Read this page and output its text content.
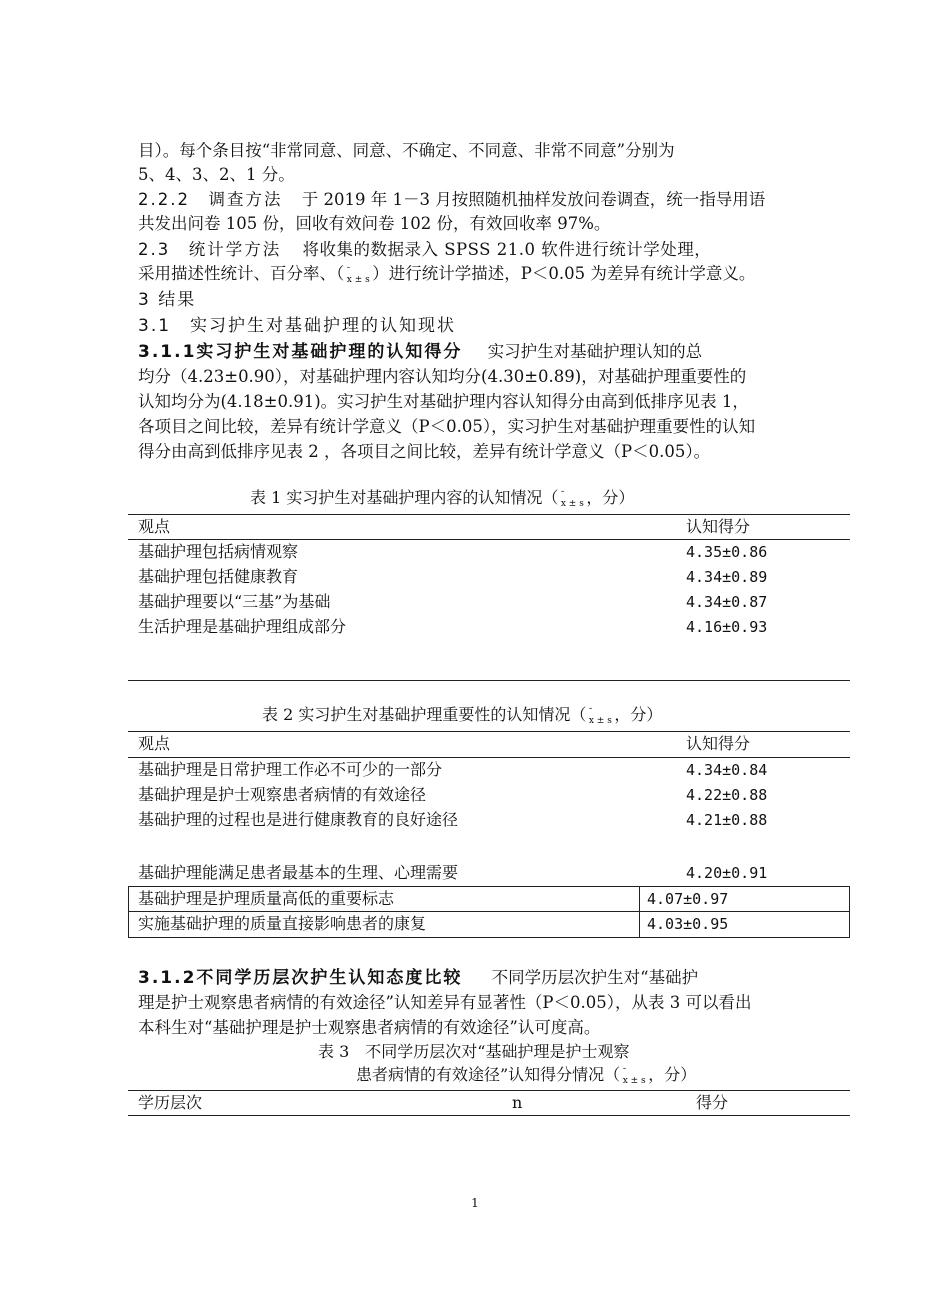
目）。每个条目按“非常同意、同意、不确定、不同意、非常不同意”分别为

5、4、3、2、1 分。

2.2.2　调查方法 于 2019 年 1－3 月按照随机抽样发放问卷调查，统一指导用语

共发出问卷 105 份，回收有效问卷 102 份，有效回收率 97%。

2.3　统计学方法 将收集的数据录入 SPSS 21.0 软件进行统计学处理，

采用描述性统计、百分率、（ ¯ x ± s ）进行统计学描述，P＜0.05 为差异有统计学意义。

3 结果

3.1　实习护生对基础护理的认知现状

3.1.1实习护生对基础护理的认知得分 实习护生对基础护理认知的总

均分（4.23±0.90），对基础护理内容认知均分(4.30±0.89)，对基础护理重要性的

认知均分为(4.18±0.91)。实习护生对基础护理内容认知得分由高到低排序见表 1，

各项目之间比较，差异有统计学意义（P＜0.05），实习护生对基础护理重要性的认知

得分由高到低排序见表 2 ，各项目之间比较，差异有统计学意义（P＜0.05）。

表 1 实习护生对基础护理内容的认知情况（ ¯ x ± s ，分）
观点	认知得分
基础护理包括病情观察	4.35±0.86
基础护理包括健康教育	4.34±0.89
基础护理要以“三基”为基础	4.34±0.87
生活护理是基础护理组成部分	4.16±0.93
表 2 实习护生对基础护理重要性的认知情况（ ¯ x ± s ，分）
观点	认知得分
基础护理是日常护理工作必不可少的一部分	4.34±0.84
基础护理是护士观察患者病情的有效途径	4.22±0.88
基础护理的过程也是进行健康教育的良好途径	4.21±0.88
基础护理能满足患者最基本的生理、心理需要	4.20±0.91
基础护理是护理质量高低的重要标志	4.07±0.97
实施基础护理的质量直接影响患者的康复	4.03±0.95

3.1.2不同学历层次护生认知态度比较 不同学历层次护生对“基础护

理是护士观察患者病情的有效途径”认知差异有显著性（P＜0.05），从表 3 可以看出

本科生对“基础护理是护士观察患者病情的有效途径”认可度高。

表 3　不同学历层次对“基础护理是护士观察
患者病情的有效途径”认知得分情况（ ¯ x ± s ，分）
学历层次	n	得分
1
